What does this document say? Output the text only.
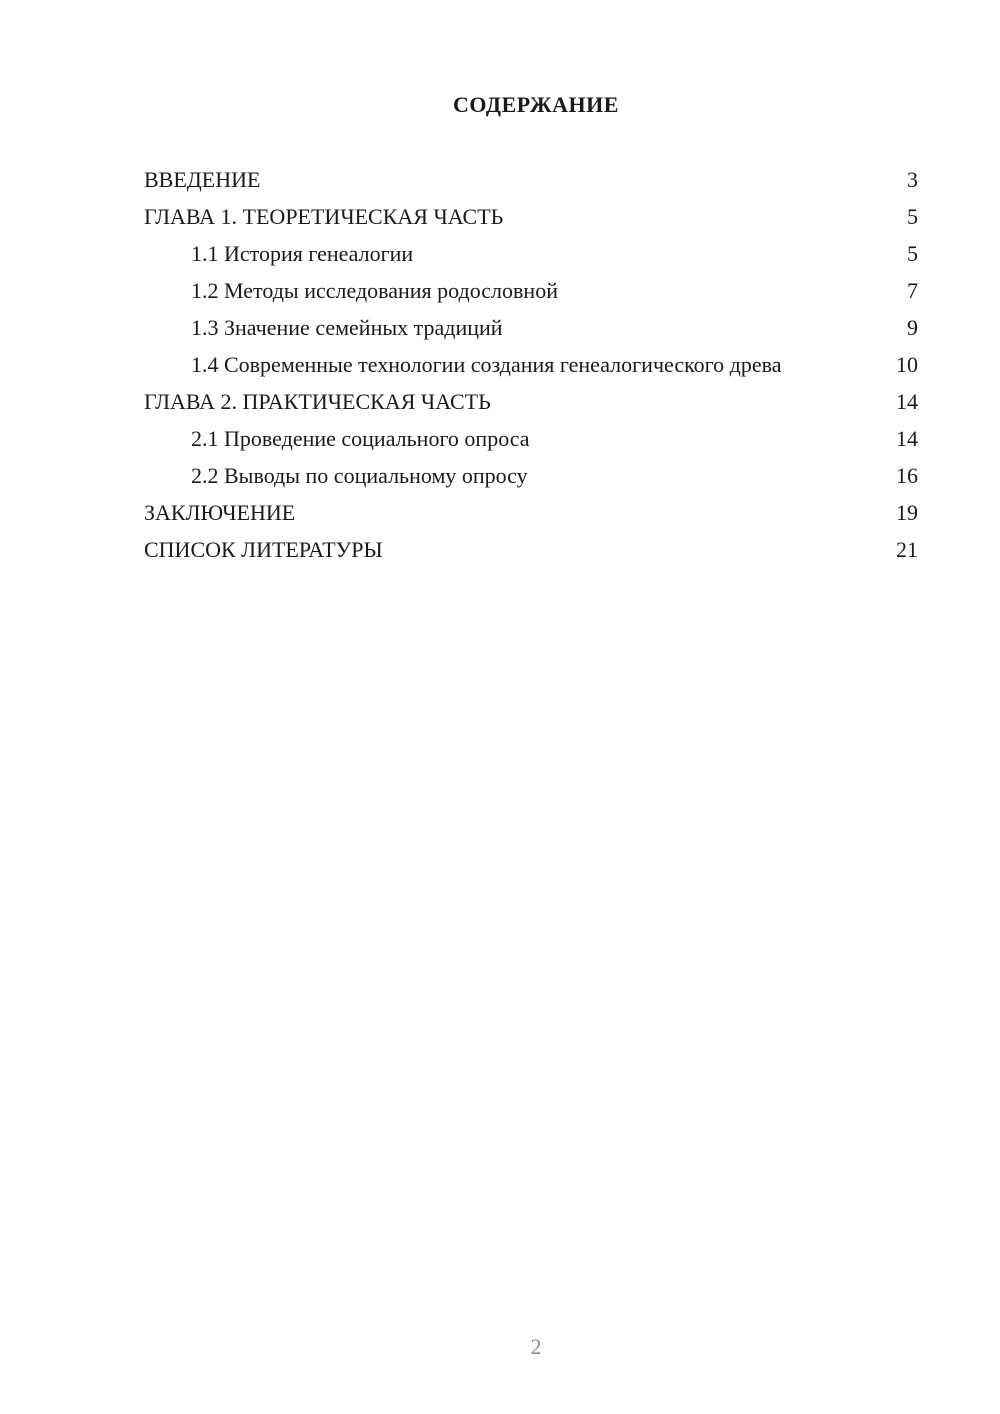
СОДЕРЖАНИЕ
ВВЕДЕНИЕ	3
ГЛАВА 1. ТЕОРЕТИЧЕСКАЯ ЧАСТЬ	5
1.1 История генеалогии	5
1.2 Методы исследования родословной	7
1.3 Значение семейных традиций	9
1.4 Современные технологии создания генеалогического древа	10
ГЛАВА 2. ПРАКТИЧЕСКАЯ ЧАСТЬ	14
2.1 Проведение социального опроса	14
2.2 Выводы по социальному опросу	16
ЗАКЛЮЧЕНИЕ	19
СПИСОК ЛИТЕРАТУРЫ	21
2
